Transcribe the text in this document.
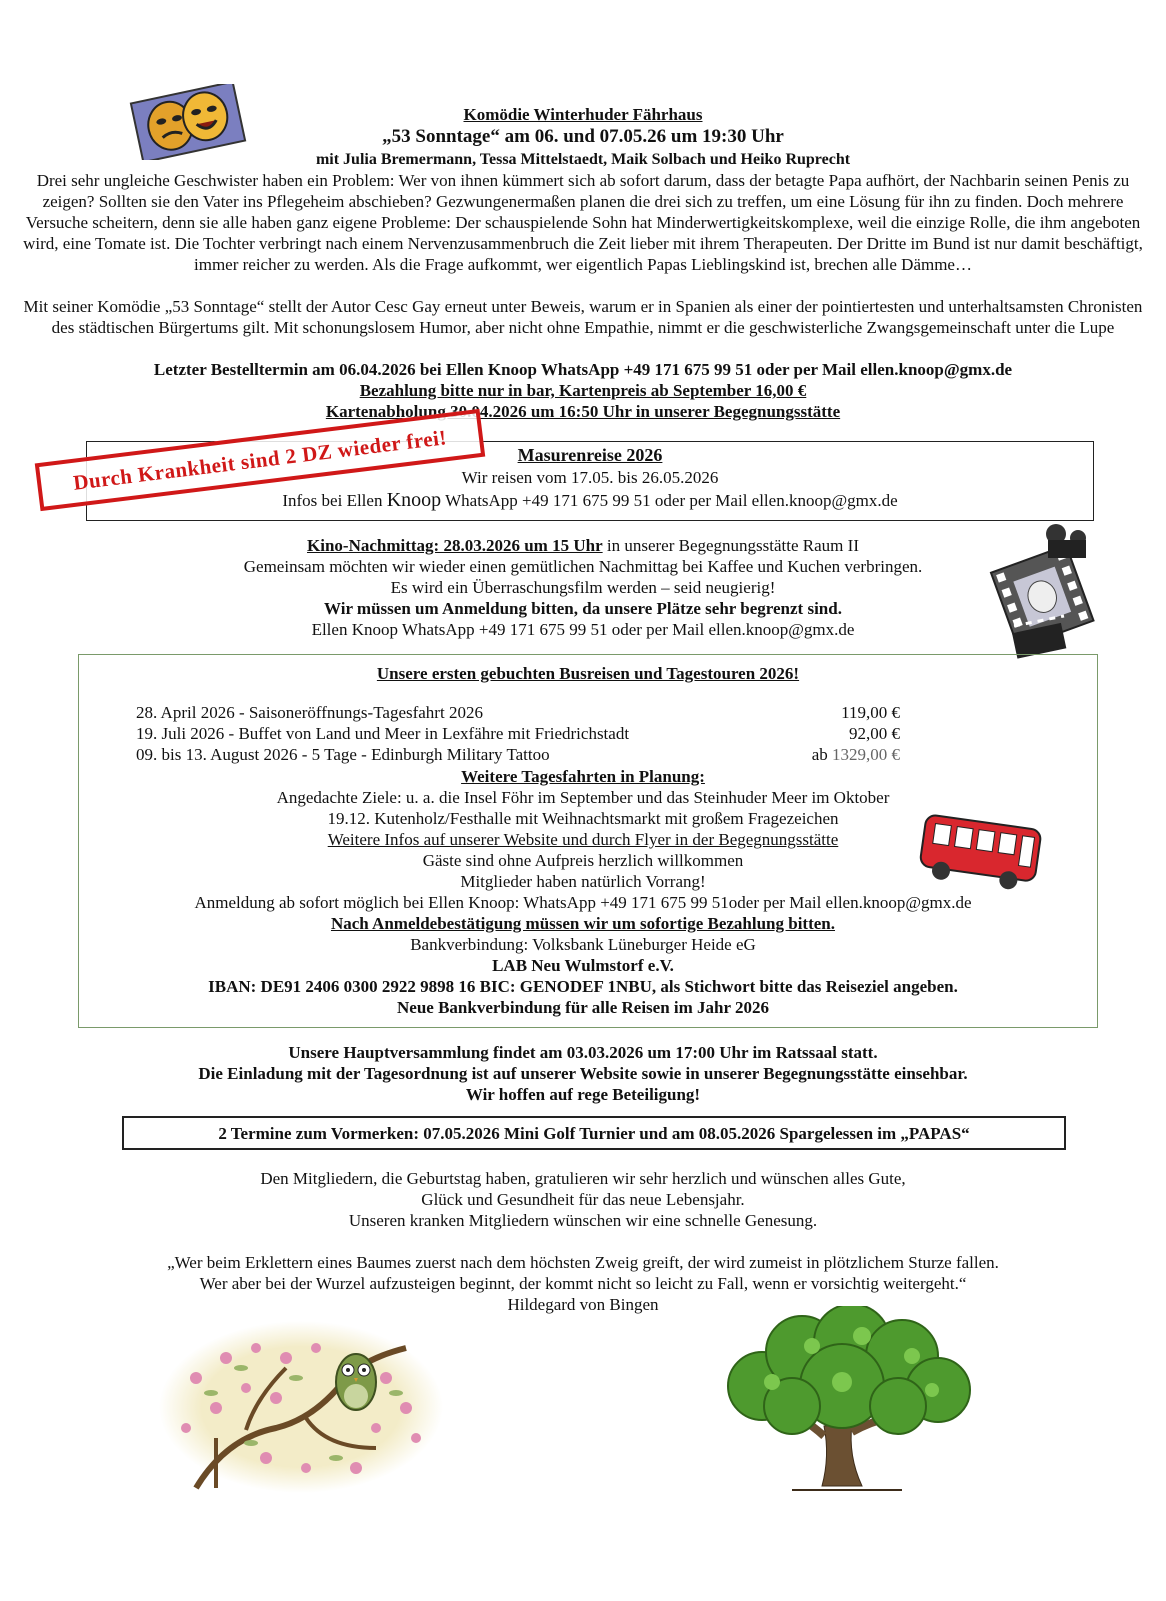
Komödie Winterhuder Fährhaus
„53 Sonntage“ am 06. und 07.05.26 um 19:30 Uhr
mit Julia Bremermann, Tessa Mittelstaedt, Maik Solbach und Heiko Ruprecht
Drei sehr ungleiche Geschwister haben ein Problem: Wer von ihnen kümmert sich ab sofort darum, dass der betagte Papa aufhört, der Nachbarin seinen Penis zu zeigen? Sollten sie den Vater ins Pflegeheim abschieben? Gezwungenermaßen planen die drei sich zu treffen, um eine Lösung für ihn zu finden. Doch mehrere Versuche scheitern, denn sie alle haben ganz eigene Probleme: Der schauspielende Sohn hat Minderwertigkeitskomplexe, weil die einzige Rolle, die ihm angeboten wird, eine Tomate ist. Die Tochter verbringt nach einem Nervenzusammenbruch die Zeit lieber mit ihrem Therapeuten. Der Dritte im Bund ist nur damit beschäftigt, immer reicher zu werden. Als die Frage aufkommt, wer eigentlich Papas Lieblingskind ist, brechen alle Dämme…
Mit seiner Komödie „53 Sonntage“ stellt der Autor Cesc Gay erneut unter Beweis, warum er in Spanien als einer der pointiertesten und unterhaltsamsten Chronisten des städtischen Bürgertums gilt. Mit schonungslosem Humor, aber nicht ohne Empathie, nimmt er die geschwisterliche Zwangsgemeinschaft unter die Lupe
Letzter Bestelltermin am 06.04.2026 bei Ellen Knoop WhatsApp +49 171 675 99 51 oder per Mail ellen.knoop@gmx.de
Bezahlung bitte nur in bar, Kartenpreis ab September 16,00 €
Kartenabholung 30.04.2026 um 16:50 Uhr in unserer Begegnungsstätte
Masurenreise 2026
Wir reisen vom 17.05. bis 26.05.2026
Infos bei Ellen Knoop WhatsApp +49 171 675 99 51 oder per Mail ellen.knoop@gmx.de
Durch Krankheit sind 2 DZ wieder frei!
Kino-Nachmittag: 28.03.2026 um 15 Uhr in unserer Begegnungsstätte Raum II
Gemeinsam möchten wir wieder einen gemütlichen Nachmittag bei Kaffee und Kuchen verbringen.
Es wird ein Überraschungsfilm werden – seid neugierig!
Wir müssen um Anmeldung bitten, da unsere Plätze sehr begrenzt sind.
Ellen Knoop WhatsApp +49 171 675 99 51 oder per Mail ellen.knoop@gmx.de
Unsere ersten gebuchten Busreisen und Tagestouren 2026!
28. April 2026 - Saisoneröffnungs-Tagesfahrt 2026	119,00 €
19. Juli 2026 - Buffet von Land und Meer in Lexfähre mit Friedrichstadt	92,00 €
09. bis 13. August 2026 - 5 Tage - Edinburgh Military Tattoo	ab 1329,00 €
Weitere Tagesfahrten in Planung:
Angedachte Ziele: u. a. die Insel Föhr im September und das Steinhuder Meer im Oktober
19.12. Kutenholz/Festhalle mit Weihnachtsmarkt mit großem Fragezeichen
Weitere Infos auf unserer Website und durch Flyer in der Begegnungsstätte
Gäste sind ohne Aufpreis herzlich willkommen
Mitglieder haben natürlich Vorrang!
Anmeldung ab sofort möglich bei Ellen Knoop: WhatsApp +49 171 675 99 51oder per Mail ellen.knoop@gmx.de
Nach Anmeldebestätigung müssen wir um sofortige Bezahlung bitten.
Bankverbindung: Volksbank Lüneburger Heide eG
LAB Neu Wulmstorf e.V.
IBAN: DE91 2406 0300 2922 9898 16 BIC: GENODEF 1NBU, als Stichwort bitte das Reiseziel angeben.
Neue Bankverbindung für alle Reisen im Jahr 2026
Unsere Hauptversammlung findet am 03.03.2026 um 17:00 Uhr im Ratssaal statt.
Die Einladung mit der Tagesordnung ist auf unserer Website sowie in unserer Begegnungsstätte einsehbar.
Wir hoffen auf rege Beteiligung!
2 Termine zum Vormerken: 07.05.2026 Mini Golf Turnier und am 08.05.2026 Spargelessen im „PAPAS“
Den Mitgliedern, die Geburtstag haben, gratulieren wir sehr herzlich und wünschen alles Gute,
Glück und Gesundheit für das neue Lebensjahr.
Unseren kranken Mitgliedern wünschen wir eine schnelle Genesung.
„Wer beim Erklettern eines Baumes zuerst nach dem höchsten Zweig greift, der wird zumeist in plötzlichem Sturze fallen.
Wer aber bei der Wurzel aufzusteigen beginnt, der kommt nicht so leicht zu Fall, wenn er vorsichtig weitergeht.“
Hildegard von Bingen
